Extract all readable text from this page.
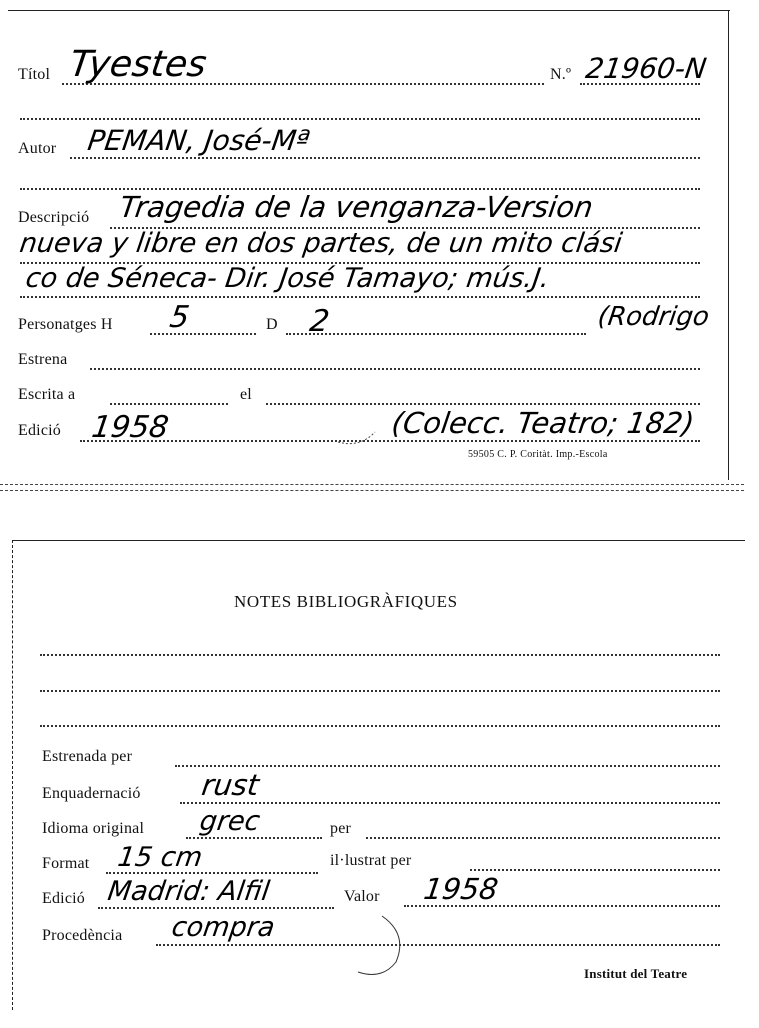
Títol Tyestes	N.º 21960-N
Autor PEMAN, José-Mª
Descripció Tragedia de la venganza-Version
nueva y libre en dos partes, de un mito clási
co de Séneca- Dir. José Tamayo; mús.J.
Personatges H 5	D 2	(Rodrigo
Estrena
Escrita a	el
Edició 1958	(Colecc. Teatro; 182)
59505 C. P. Coritàt. Imp.-Escola
NOTES BIBLIOGRÀFIQUES
Estrenada per
Enquadernació rust
Idioma original grec	per
Format 15 cm	il·lustrat per
Edició Madrid: Alfil	Valor 1958
Procedència compra
Institut del Teatre
